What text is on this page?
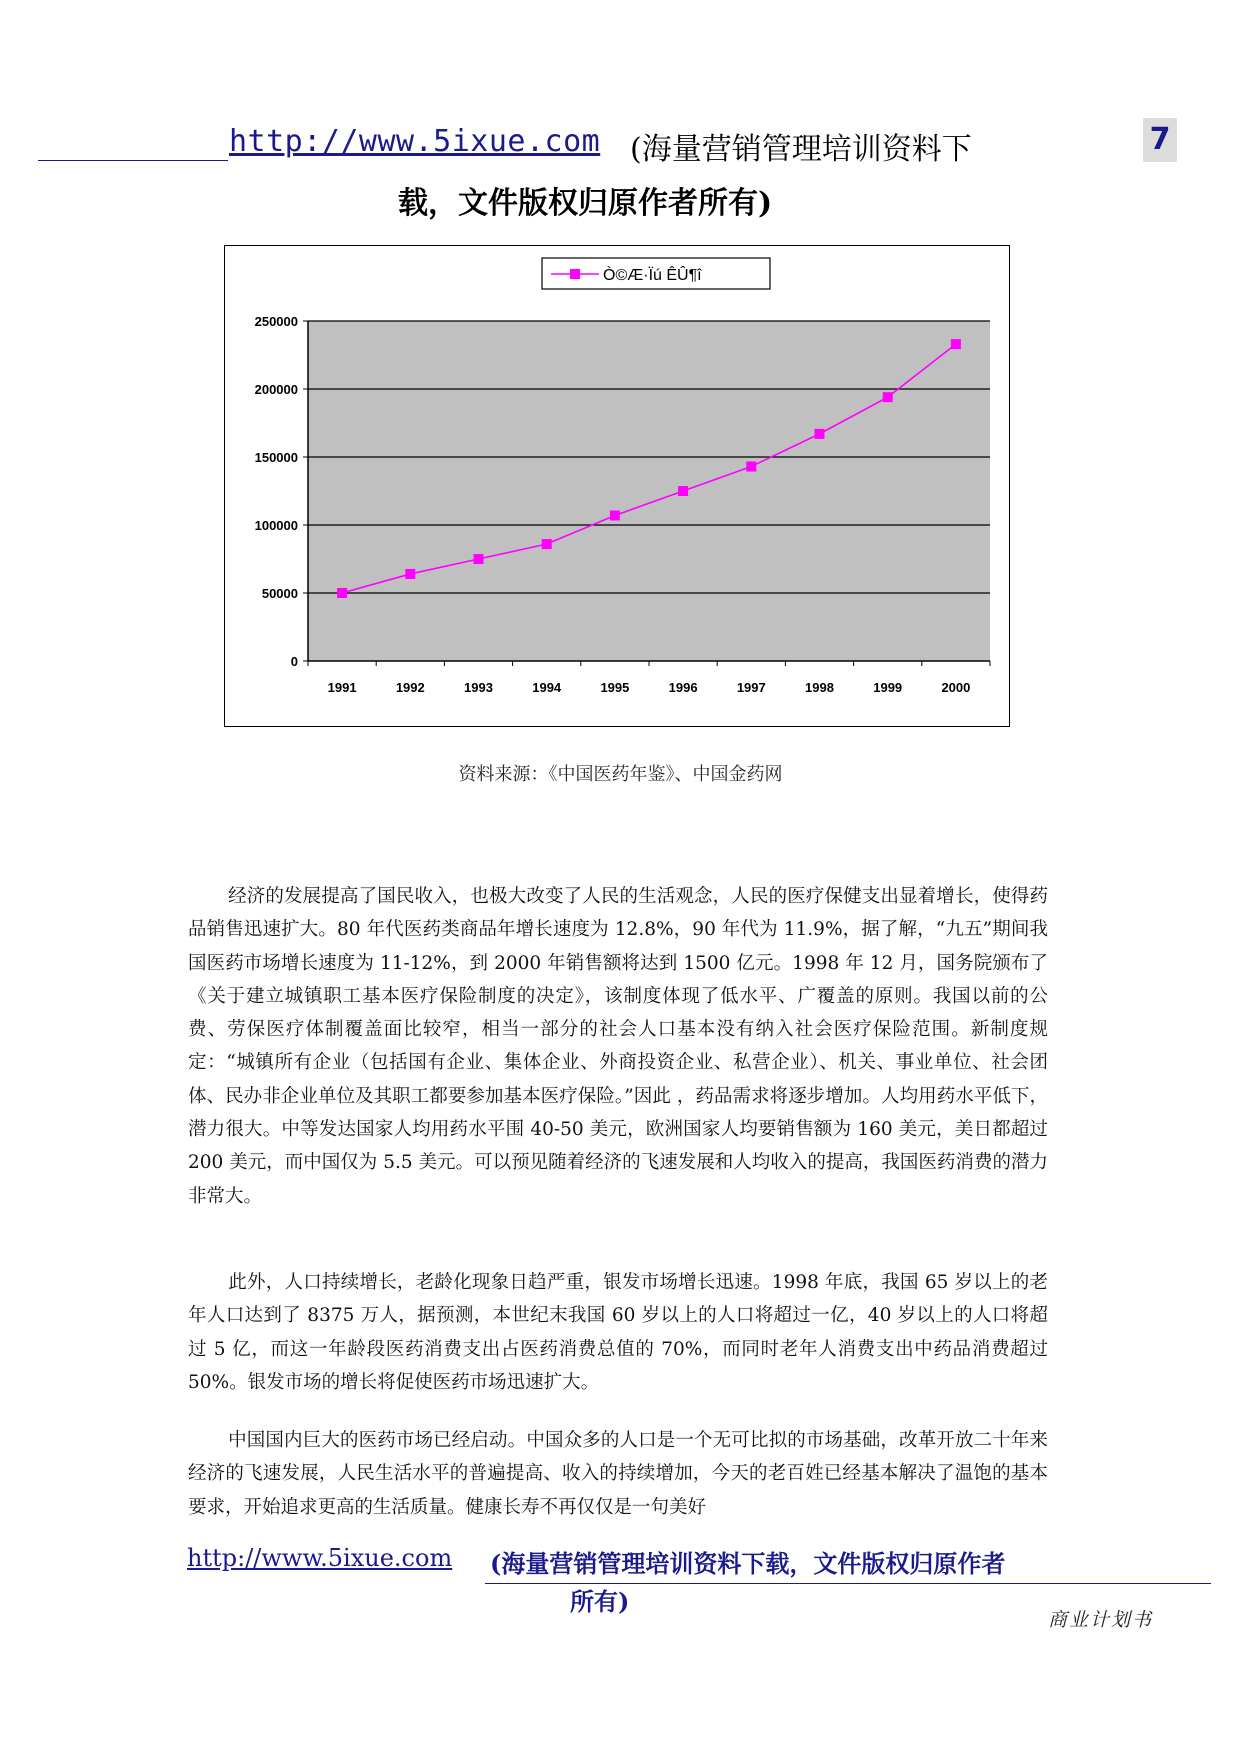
http://www.5ixue.com (海量营销管理培训资料下
载，文件版权归原作者所有)
7
0
50000
100000
150000
200000
250000
1991	1992	1993	1994	1995	1996	1997	1998	1999	2000
Ò©Æ·Ïú ÊÛ¶î
资料来源：《中国医药年鉴》、中国金药网
经济的发展提高了国民收入，也极大改变了人民的生活观念，人民的医疗保健支出显着增长，使得药品销售迅速扩大。80 年代医药类商品年增长速度为 12.8%，90 年代为 11.9%，据了解，“九五”期间我国医药市场增长速度为 11-12%，到 2000 年销售额将达到 1500 亿元。1998 年 12 月，国务院颁布了《关于建立城镇职工基本医疗保险制度的决定》，该制度体现了低水平、广覆盖的原则。我国以前的公费、劳保医疗体制覆盖面比较窄，相当一部分的社会人口基本没有纳入社会医疗保险范围。新制度规定：“城镇所有企业（包括国有企业、集体企业、外商投资企业、私营企业）、机关、事业单位、社会团体、民办非企业单位及其职工都要参加基本医疗保险。”因此 ，药品需求将逐步增加。人均用药水平低下，潜力很大。中等发达国家人均用药水平围 40-50 美元，欧洲国家人均要销售额为 160 美元，美日都超过 200 美元，而中国仅为 5.5 美元。可以预见随着经济的飞速发展和人均收入的提高，我国医药消费的潜力非常大。
此外，人口持续增长，老龄化现象日趋严重，银发市场增长迅速。1998 年底，我国 65 岁以上的老年人口达到了 8375 万人，据预测，本世纪末我国 60 岁以上的人口将超过一亿，40 岁以上的人口将超过 5 亿，而这一年龄段医药消费支出占医药消费总值的 70%，而同时老年人消费支出中药品消费超过 50%。银发市场的增长将促使医药市场迅速扩大。
中国国内巨大的医药市场已经启动。中国众多的人口是一个无可比拟的市场基础，改革开放二十年来经济的飞速发展，人民生活水平的普遍提高、收入的持续增加，今天的老百姓已经基本解决了温饱的基本要求，开始追求更高的生活质量。健康长寿不再仅仅是一句美好
http://www.5ixue.com (海量营销管理培训资料下载，文件版权归原作者
所有)
商业计划书
